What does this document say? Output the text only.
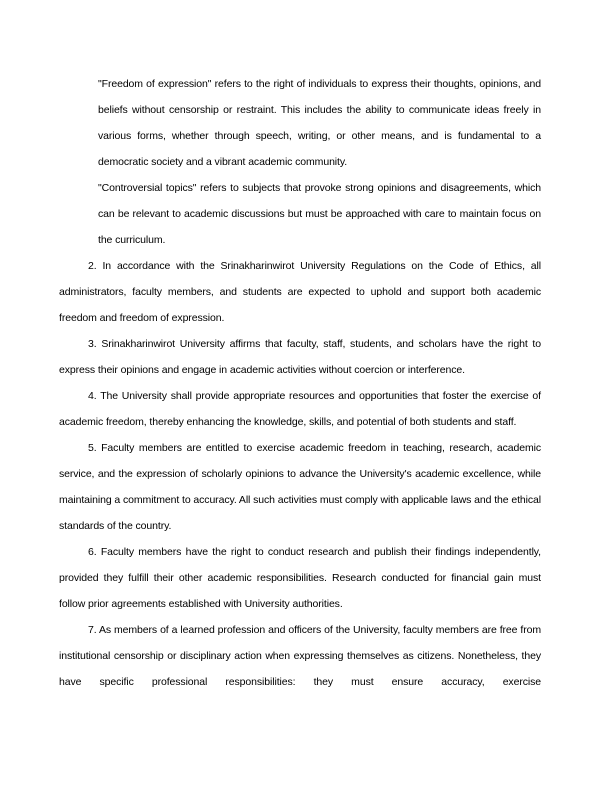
"Freedom of expression" refers to the right of individuals to express their thoughts, opinions, and beliefs without censorship or restraint. This includes the ability to communicate ideas freely in various forms, whether through speech, writing, or other means, and is fundamental to a democratic society and a vibrant academic community.

"Controversial topics" refers to subjects that provoke strong opinions and disagreements, which can be relevant to academic discussions but must be approached with care to maintain focus on the curriculum.

2. In accordance with the Srinakharinwirot University Regulations on the Code of Ethics, all administrators, faculty members, and students are expected to uphold and support both academic freedom and freedom of expression.

3. Srinakharinwirot University affirms that faculty, staff, students, and scholars have the right to express their opinions and engage in academic activities without coercion or interference.

4. The University shall provide appropriate resources and opportunities that foster the exercise of academic freedom, thereby enhancing the knowledge, skills, and potential of both students and staff.

5. Faculty members are entitled to exercise academic freedom in teaching, research, academic service, and the expression of scholarly opinions to advance the University's academic excellence, while maintaining a commitment to accuracy. All such activities must comply with applicable laws and the ethical standards of the country.

6. Faculty members have the right to conduct research and publish their findings independently, provided they fulfill their other academic responsibilities. Research conducted for financial gain must follow prior agreements established with University authorities.

7. As members of a learned profession and officers of the University, faculty members are free from institutional censorship or disciplinary action when expressing themselves as citizens. Nonetheless, they have specific professional responsibilities: they must ensure accuracy, exercise
